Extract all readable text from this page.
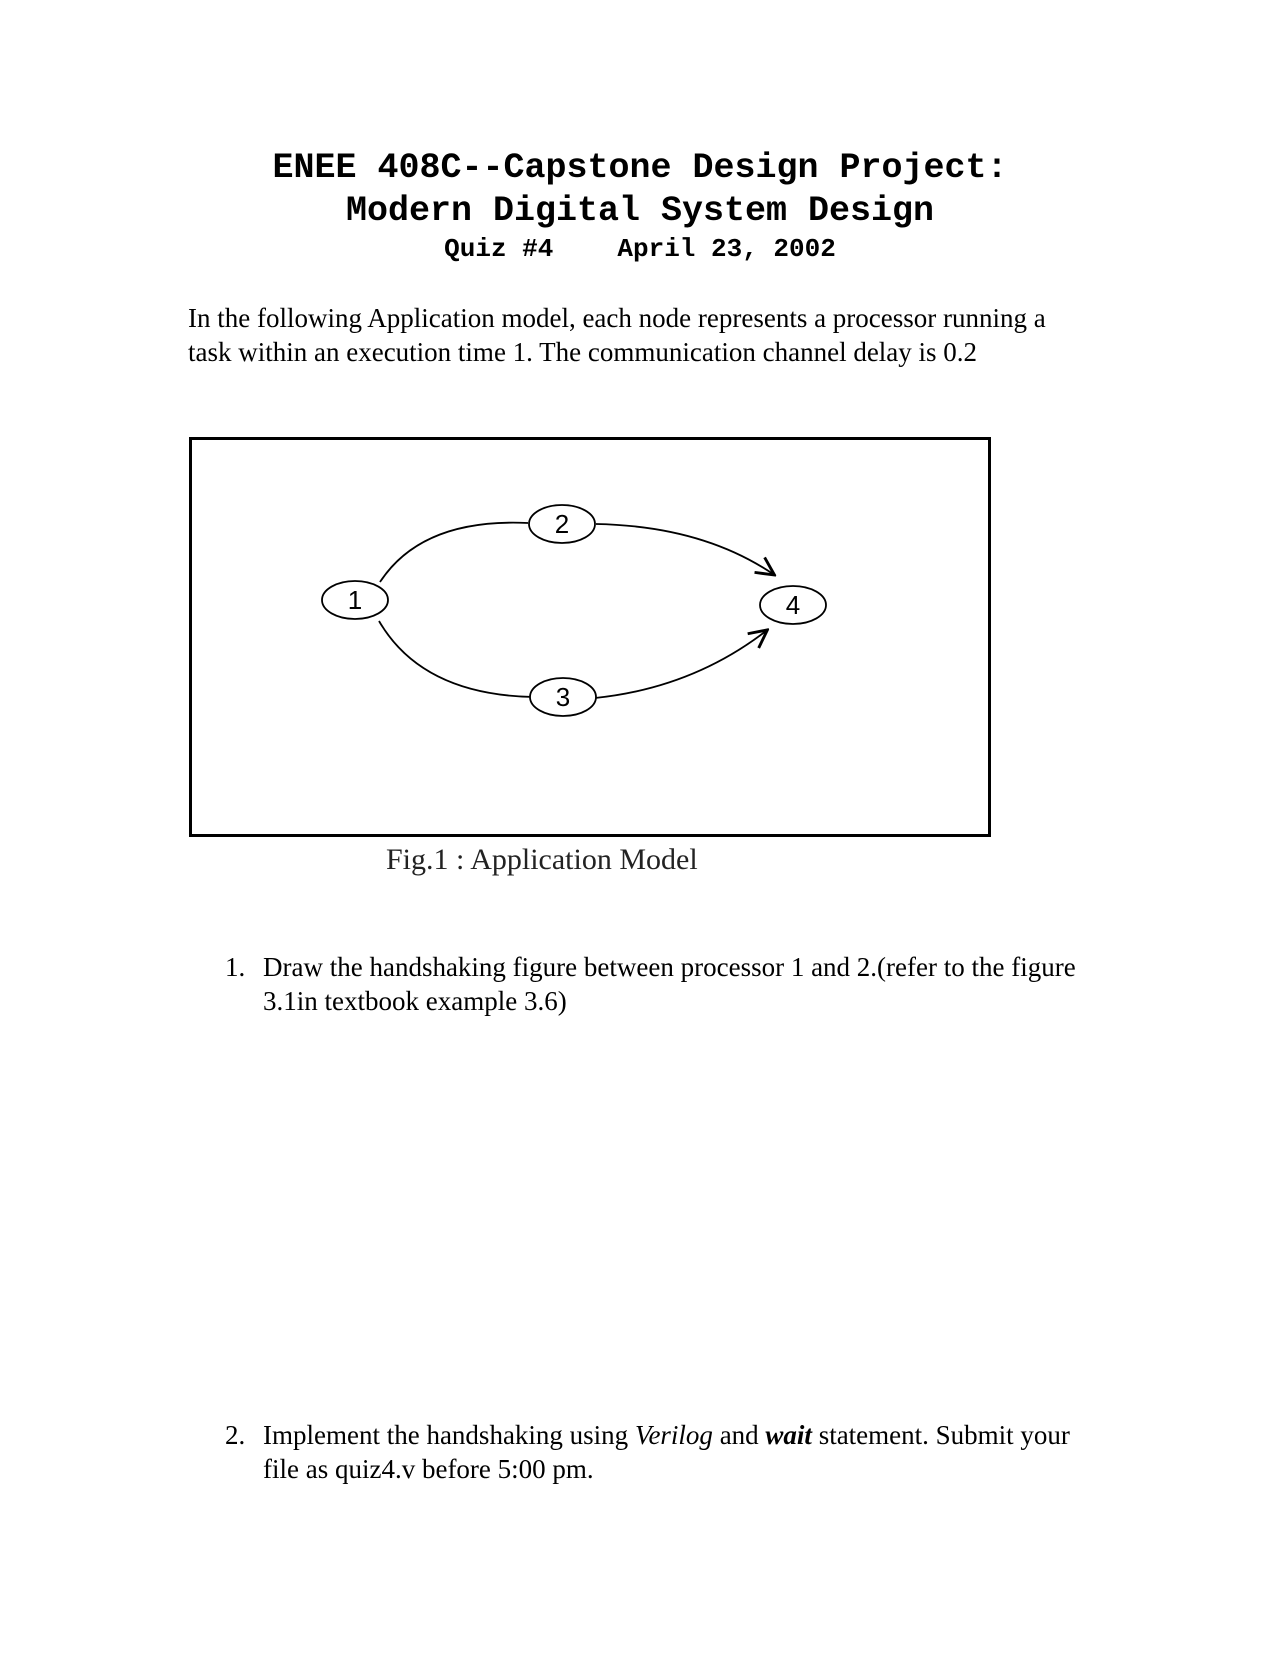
ENEE 408C--Capstone Design Project:
Modern Digital System Design
Quiz #4 April 23, 2002

In the following Application model, each node represents a processor running a task within an execution time 1. The communication channel delay is 0.2

1
2
3
4

Fig.1 : Application Model

1. Draw the handshaking figure between processor 1 and 2.(refer to the figure 3.1in textbook example 3.6)
2. Implement the handshaking using Verilog and wait statement. Submit your file as quiz4.v before 5:00 pm.
